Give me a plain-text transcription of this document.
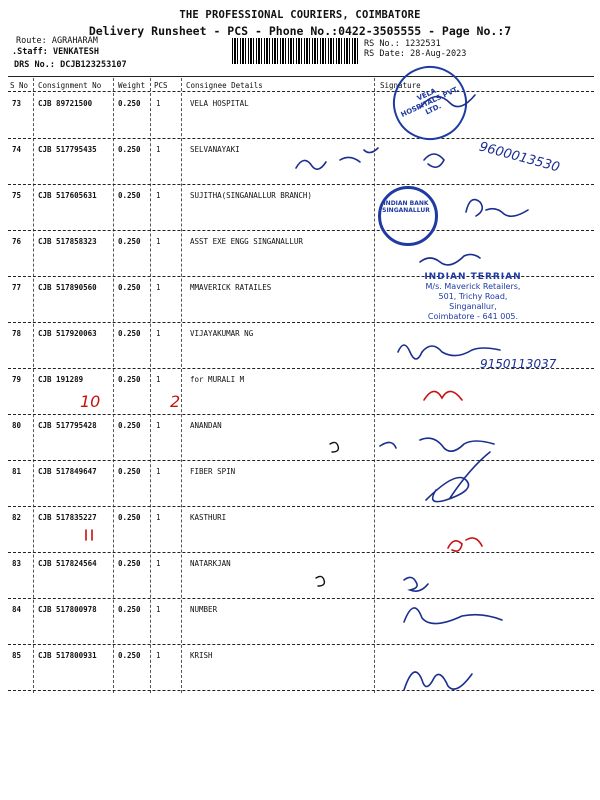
THE PROFESSIONAL COURIERS, COIMBATORE
Delivery Runsheet - PCS - Phone No.:0422-3505555 - Page No.:7
Route: AGRAHARAM
.Staff: VENKATESH
DRS No.: DCJB123253107
RS No.: 1232531
RS Date: 28-Aug-2023
S No Consignment No Weight PCS Consignee Details	Signature
73 CJB 89721500	0.250 1	VELA HOSPITAL
74 CJB 517795435	0.250 1	SELVANAYAKI
75 CJB 517605631	0.250 1	SUJITHA(SINGANALLUR BRANCH)
76 CJB 517858323	0.250 1	ASST EXE ENGG SINGANALLUR
77 CJB 517890560	0.250 1	MMAVERICK RATAILES
78 CJB 517920063	0.250 1	VIJAYAKUMAR NG
79 CJB 191289	0.250 1	for MURALI M
80 CJB 517795428	0.250 1	ANANDAN
81 CJB 517849647	0.250 1	FIBER SPIN
82 CJB 517835227	0.250 1	KASTHURI
83 CJB 517824564	0.250 1	NATARKJAN
84 CJB 517800978	0.250 1	NUMBER
85 CJB 517800931	0.250 1	KRISH
VELA HOSPITALS PVT. LTD.
INDIAN BANK SINGANALLUR
INDIAN TERRIAN
M/s. Maverick Retailers,
501, Trichy Road,
Singanallur,
Coimbatore - 641 005.
9600013530
9150113037
10	2
